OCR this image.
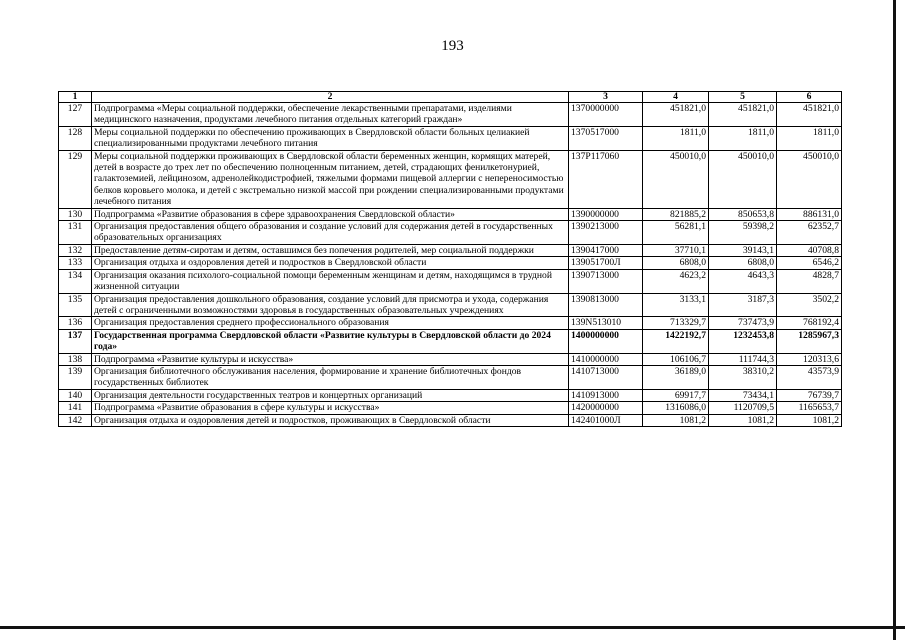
193
1	2	3	4	5	6
127	Подпрограмма «Меры социальной поддержки, обеспечение лекарственными препаратами, изделиями медицинского назначения, продуктами лечебного питания отдельных категорий граждан»	1370000000	451821,0	451821,0	451821,0
128	Меры социальной поддержки по обеспечению проживающих в Свердловской области больных целиакией специализированными продуктами лечебного питания	1370517000	1811,0	1811,0	1811,0
129	Меры социальной поддержки проживающих в Свердловской области беременных женщин, кормящих матерей, детей в возрасте до трех лет по обеспечению полноценным питанием, детей, страдающих фенилкетонурией, галактоземией, лейцинозом, адренолейкодистрофией, тяжелыми формами пищевой аллергии с непереносимостью белков коровьего молока, и детей с экстремально низкой массой при рождении специализированными продуктами лечебного питания	137P117060	450010,0	450010,0	450010,0
130	Подпрограмма «Развитие образования в сфере здравоохранения Свердловской области»	1390000000	821885,2	850653,8	886131,0
131	Организация предоставления общего образования и создание условий для содержания детей в государственных образовательных организациях	1390213000	56281,1	59398,2	62352,7
132	Предоставление детям-сиротам и детям, оставшимся без попечения родителей, мер социальной поддержки	1390417000	37710,1	39143,1	40708,8
133	Организация отдыха и оздоровления детей и подростков в Свердловской области	139051700Л	6808,0	6808,0	6546,2
134	Организация оказания психолого-социальной помощи беременным женщинам и детям, находящимся в трудной жизненной ситуации	1390713000	4623,2	4643,3	4828,7
135	Организация предоставления дошкольного образования, создание условий для присмотра и ухода, содержания детей с ограниченными возможностями здоровья в государственных образовательных учреждениях	1390813000	3133,1	3187,3	3502,2
136	Организация предоставления среднего профессионального образования	139N513010	713329,7	737473,9	768192,4
137	Государственная программа Свердловской области «Развитие культуры в Свердловской области до 2024 года»	1400000000	1422192,7	1232453,8	1285967,3
138	Подпрограмма «Развитие культуры и искусства»	1410000000	106106,7	111744,3	120313,6
139	Организация библиотечного обслуживания населения, формирование и хранение библиотечных фондов государственных библиотек	1410713000	36189,0	38310,2	43573,9
140	Организация деятельности государственных театров и концертных организаций	1410913000	69917,7	73434,1	76739,7
141	Подпрограмма «Развитие образования в сфере культуры и искусства»	1420000000	1316086,0	1120709,5	1165653,7
142	Организация отдыха и оздоровления детей и подростков, проживающих в Свердловской области	142401000Л	1081,2	1081,2	1081,2
